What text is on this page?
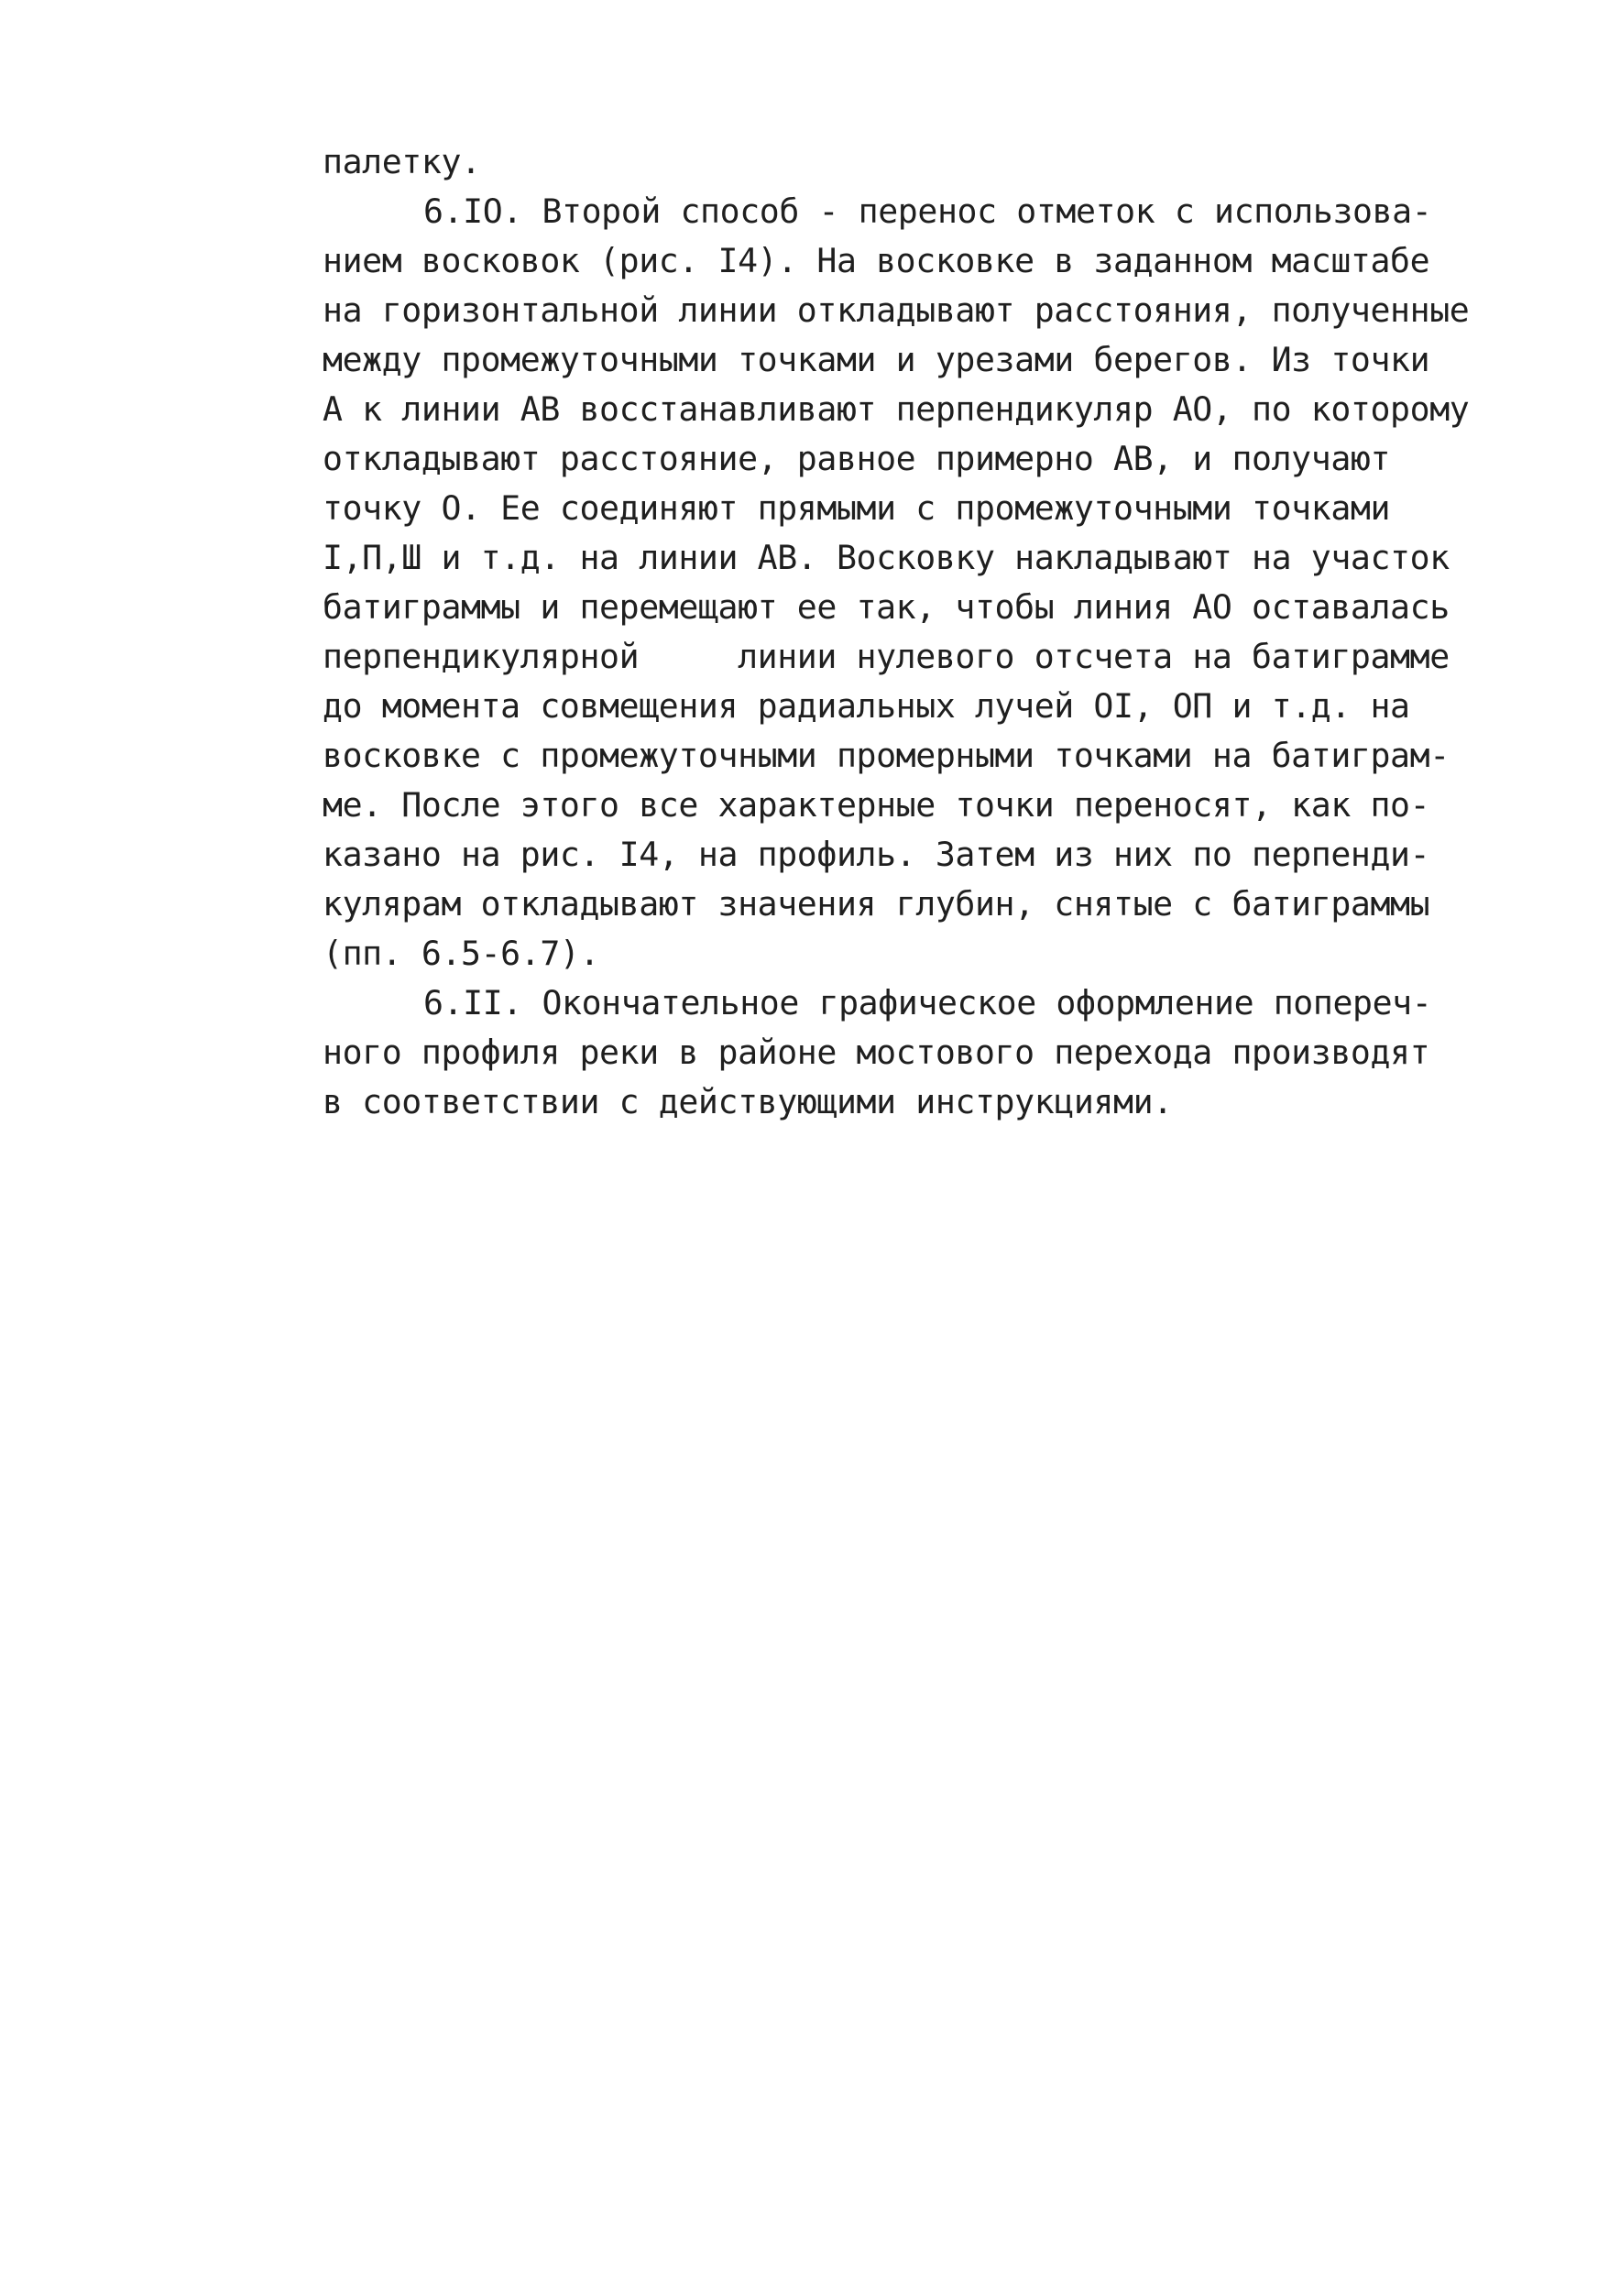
палетку.
6.IO. Второй способ - перенос отметок с использова-
нием восковок (рис. I4). На восковке в заданном масштабе
на горизонтальной линии откладывают расстояния, полученные
между промежуточными точками и урезами берегов. Из точки
А к линии АВ восстанавливают перпендикуляр АО, по которому
откладывают расстояние, равное примерно АВ, и получают
точку О. Ее соединяют прямыми с промежуточными точками
I,П,Ш и т.д. на линии АВ. Восковку накладывают на участок
батиграммы и перемещают ее так, чтобы линия АО оставалась
перпендикулярной     линии нулевого отсчета на батиграмме
до момента совмещения радиальных лучей OI, ОП и т.д. на
восковке с промежуточными промерными точками на батиграм-
ме. После этого все характерные точки переносят, как по-
казано на рис. I4, на профиль. Затем из них по перпенди-
кулярам откладывают значения глубин, снятые с батиграммы
(пп. 6.5-6.7).
6.II. Окончательное графическое оформление попереч-
ного профиля реки в районе мостового перехода производят
в соответствии с действующими инструкциями.
